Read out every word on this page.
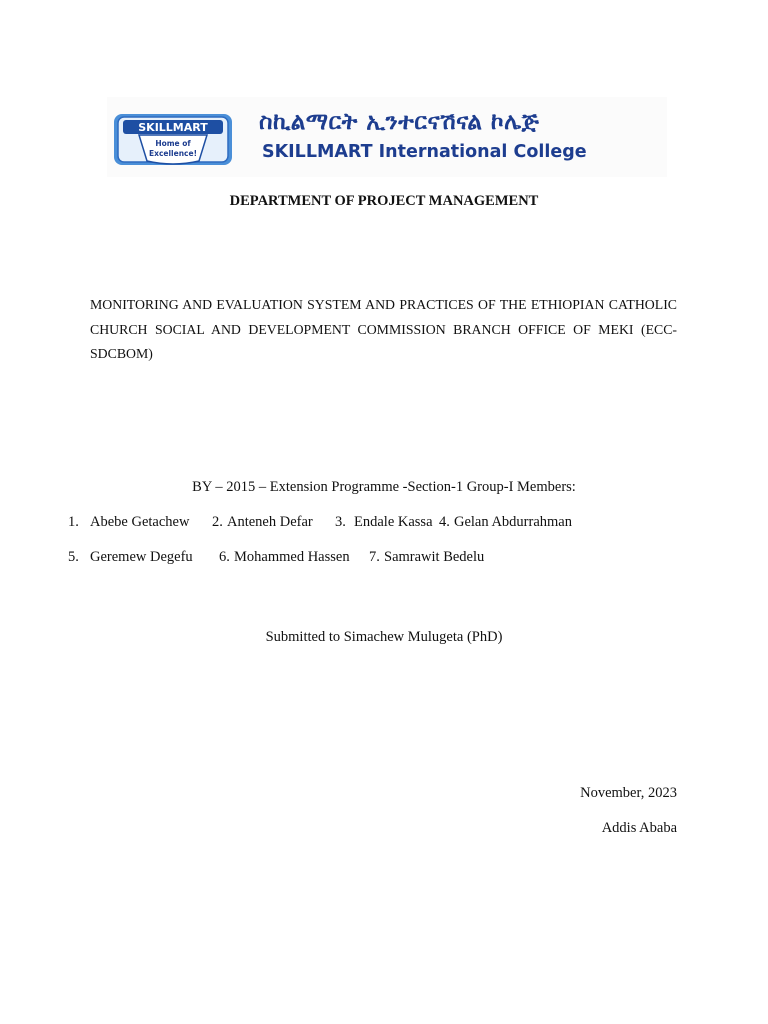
SKILLMART
Home of
Excellence!
ስኪልማርት ኢንተርናሽናል ኮሌጅ
SKILLMART International College
DEPARTMENT OF PROJECT MANAGEMENT
MONITORING AND EVALUATION SYSTEM AND PRACTICES OF THE ETHIOPIAN CATHOLIC CHURCH SOCIAL AND DEVELOPMENT COMMISSION BRANCH OFFICE OF MEKI (ECC-SDCBOM)
BY – 2015 – Extension Programme -Section-1 Group-I Members:
1. Abebe Getachew 2. Anteneh Defar 3. Endale Kassa 4. Gelan Abdurrahman
5. Geremew Degefu 6. Mohammed Hassen 7. Samrawit Bedelu
Submitted to Simachew Mulugeta (PhD)
November, 2023
Addis Ababa
